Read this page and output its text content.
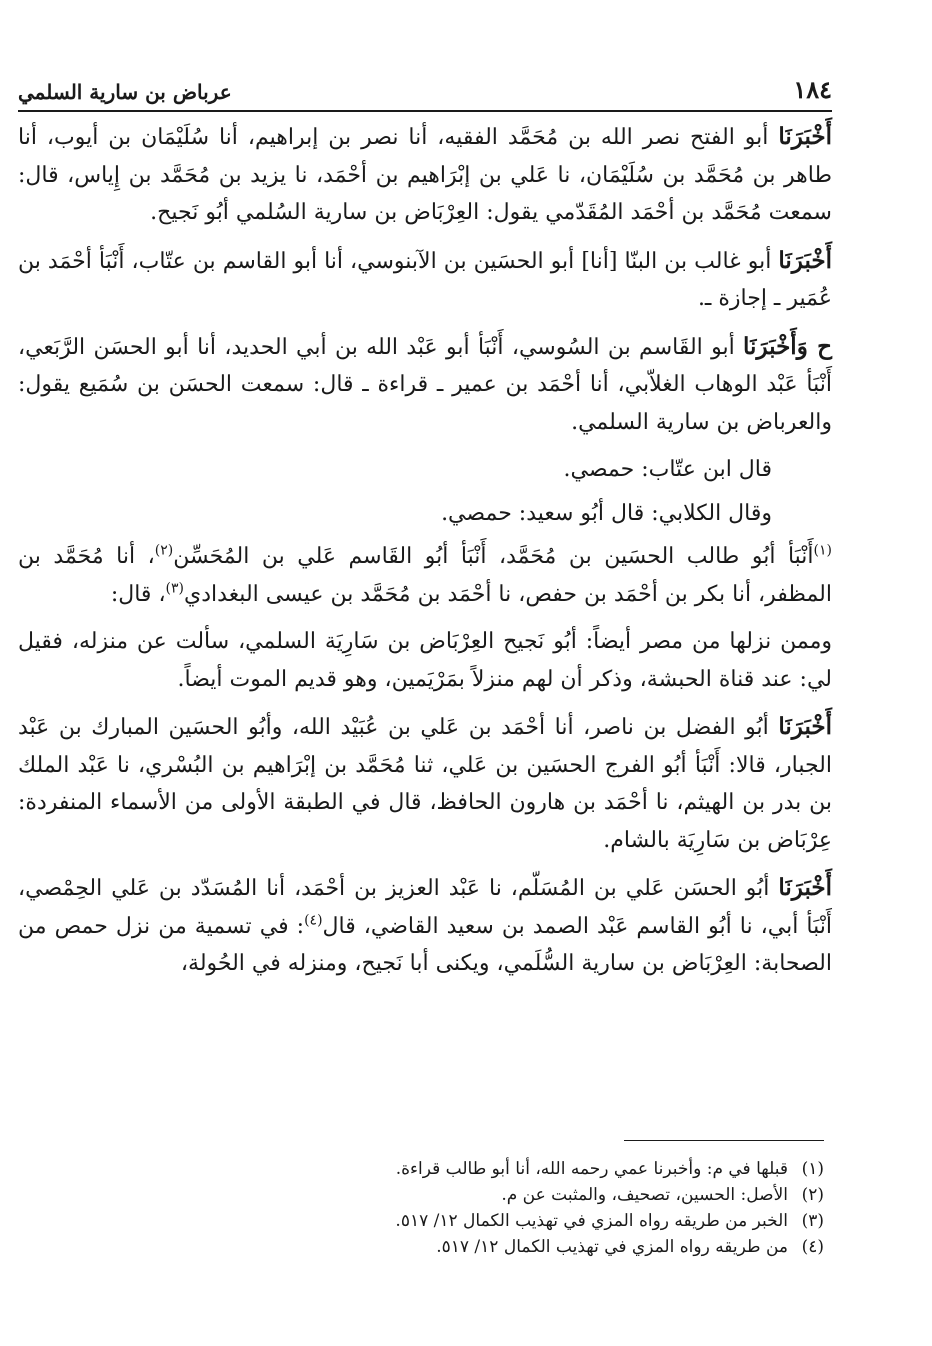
١٨٤
عرباض بن سارية السلمي

أَخْبَرَنَا أبو الفتح نصر الله بن مُحَمَّد الفقيه، أنا نصر بن إبراهيم، أنا سُلَيْمَان بن أيوب، أنا طاهر بن مُحَمَّد بن سُلَيْمَان، نا عَلي بن إبْرَاهيم بن أحْمَد، نا يزيد بن مُحَمَّد بن إِياس، قال: سمعت مُحَمَّد بن أحْمَد المُقَدّمي يقول: العِرْبَاض بن سارية السُلمي أبُو نَجيح.

أَخْبَرَنَا أبو غالب بن البنّا [أنا] أبو الحسَين بن الآبنوسي، أنا أبو القاسم بن عتّاب، أَنْبَأ أحْمَد بن عُمَير ـ إجازة ـ.

ح وَأَخْبَرَنَا أبو القَاسم بن السُوسي، أَنْبَأ أبو عَبْد الله بن أبي الحديد، أنا أبو الحسَن الرَّبَعي، أَنْبَأ عَبْد الوهاب الغلاّبي، أنا أحْمَد بن عمير ـ قراءة ـ قال: سمعت الحسَن بن سُمَيع يقول: والعرباض بن سارية السلمي.

قال ابن عتّاب: حمصي.

وقال الكلابي: قال أبُو سعيد: حمصي.

$^{(١)}$أَنْبَأ أبُو طالب الحسَين بن مُحَمَّد، أَنْبَأ أبُو القَاسم عَلي بن المُحَسِّن$^{(٢)}$، أنا مُحَمَّد بن المظفر، أنا بكر بن أحْمَد بن حفص، نا أحْمَد بن مُحَمَّد بن عيسى البغدادي$^{(٣)}$، قال:

وممن نزلها من مصر أيضاً: أبُو نَجيح العِرْبَاض بن سَارِيَة السلمي، سألت عن منزله، فقيل لي: عند قناة الحبشة، وذكر أن لهم منزلاً بمَرْيَمين، وهو قديم الموت أيضاً.

أَخْبَرَنَا أبُو الفضل بن ناصر، أنا أحْمَد بن عَلي بن عُبَيْد الله، وأبُو الحسَين المبارك بن عَبْد الجبار، قالا: أَنْبَأ أبُو الفرج الحسَين بن عَلي، ثنا مُحَمَّد بن إبْرَاهيم بن البُسْري، نا عَبْد الملك بن بدر بن الهيثم، نا أحْمَد بن هارون الحافظ، قال في الطبقة الأولى من الأسماء المنفردة: عِرْبَاض بن سَارِيَة بالشام.

أَخْبَرَنَا أبُو الحسَن عَلي بن المُسَلّم، نا عَبْد العزيز بن أحْمَد، أنا المُسَدّد بن عَلي الحِمْصي، أَنْبَأ أبي، نا أبُو القاسم عَبْد الصمد بن سعيد القاضي، قال$^{(٤)}$: في تسمية من نزل حمص من الصحابة: العِرْبَاض بن سارية السُّلَمي، ويكنى أبا نَجيح، ومنزله في الحُولة،

(١)
قبلها في م: وأخبرنا عمي رحمه الله، أنا أبو طالب قراءة.
(٢)
الأصل: الحسين، تصحيف، والمثبت عن م.
(٣)
الخبر من طريقه رواه المزي في تهذيب الكمال ١٢/ ٥١٧.
(٤)
من طريقه رواه المزي في تهذيب الكمال ١٢/ ٥١٧.
